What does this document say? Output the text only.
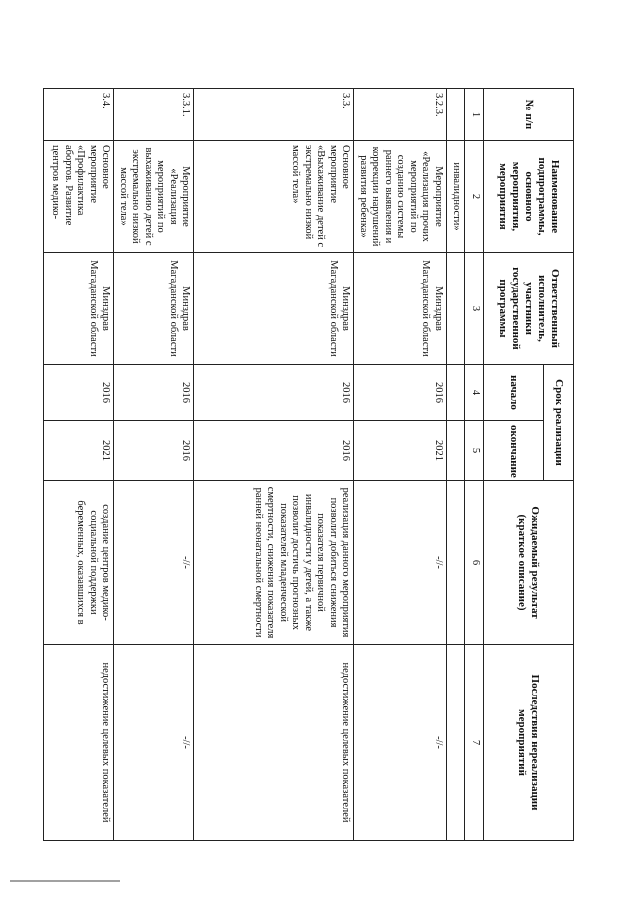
№ п/п	Наименование подпрограммы, основного мероприятия, мероприятия	Ответственный исполнитель, участники государственной программы	Срок реализации		Ожидаемый результат (краткое описание)	Последствия нереализации мероприятий
			начало	окончание		
1	2	3	4	5	6	7
	инвалидности»					
3.2.3.	Мероприятие «Реализация прочих мероприятий по созданию системы раннего выявления и коррекции нарушений развития ребенка»	Минздрав Магаданской области	2016	2021	-//-	-//-
3.3.	Основное мероприятие «Выхаживание детей с экстремально низкой массой тела»	Минздрав Магаданской области	2016	2016	реализация данного мероприятия позволит добиться снижения показателя первичной инвалидности у детей, а также позволит достичь прогнозных показателей младенческой смертности, снижения показателя ранней неонатальной смертности	недостижение целевых показателей
3.3.1.	Мероприятие «Реализация мероприятий по выхаживанию детей с экстремально низкой массой тела»	Минздрав Магаданской области	2016	2016	-//-	-//-
3.4.	Основное мероприятие «Профилактика абортов. Развитие центров медико-	Минздрав Магаданской области	2016	2021	создание центров медико-социальной поддержки беременных, оказавшихся в	недостижение целевых показателей
